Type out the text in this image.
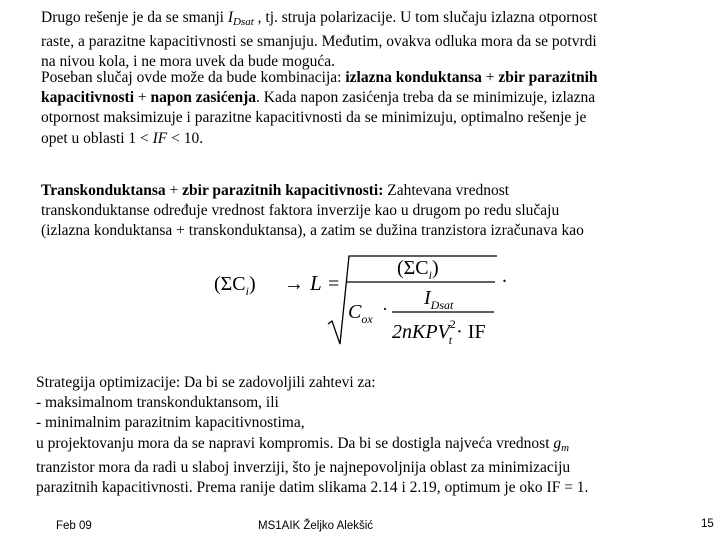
Drugo rešenje je da se smanji $I_{Dsat}$ , tj. struja polarizacije. U tom slučaju izlazna otpornost
raste, a parazitne kapacitivnosti se smanjuju. Međutim, ovakva odluka mora da se potvrdi
na nivou kola, i ne mora uvek da bude moguća.
Poseban slučaj ovde može da bude kombinacija: izlazna konduktansa + zbir parazitnih
kapacitivnosti + napon zasićenja. Kada napon zasićenja treba da se minimizuje, izlazna
otpornost maksimizuje i parazitne kapacitivnosti da se minimizuju, optimalno rešenje je
opet u oblasti 1 < IF < 10.
Transkonduktansa + zbir parazitnih kapacitivnosti: Zahtevana vrednost
transkonduktanse određuje vrednost faktora inverzije kao u drugom po redu slučaju
(izlazna konduktansa + transkonduktansa), a zatim se dužina tranzistora izračunava kao
$(\Sigma C_i) \to L$ =
$(\Sigma C_i)$
$C_{ox} \cdot I_{Dsat}$
2nKPV$^2$ t · IF
.
Strategija optimizacije: Da bi se zadovoljili zahtevi za:
- maksimalnom transkonduktansom, ili
- minimalnim parazitnim kapacitivnostima,
u projektovanju mora da se napravi kompromis. Da bi se dostigla najveća vrednost $g_m$
tranzistor mora da radi u slaboj inverziji, što je najnepovoljnija oblast za minimizaciju
parazitnih kapacitivnosti. Prema ranije datim slikama 2.14 i 2.19, optimum je oko IF = 1.
Feb 09	MS1AIK Željko Alekšić	15
